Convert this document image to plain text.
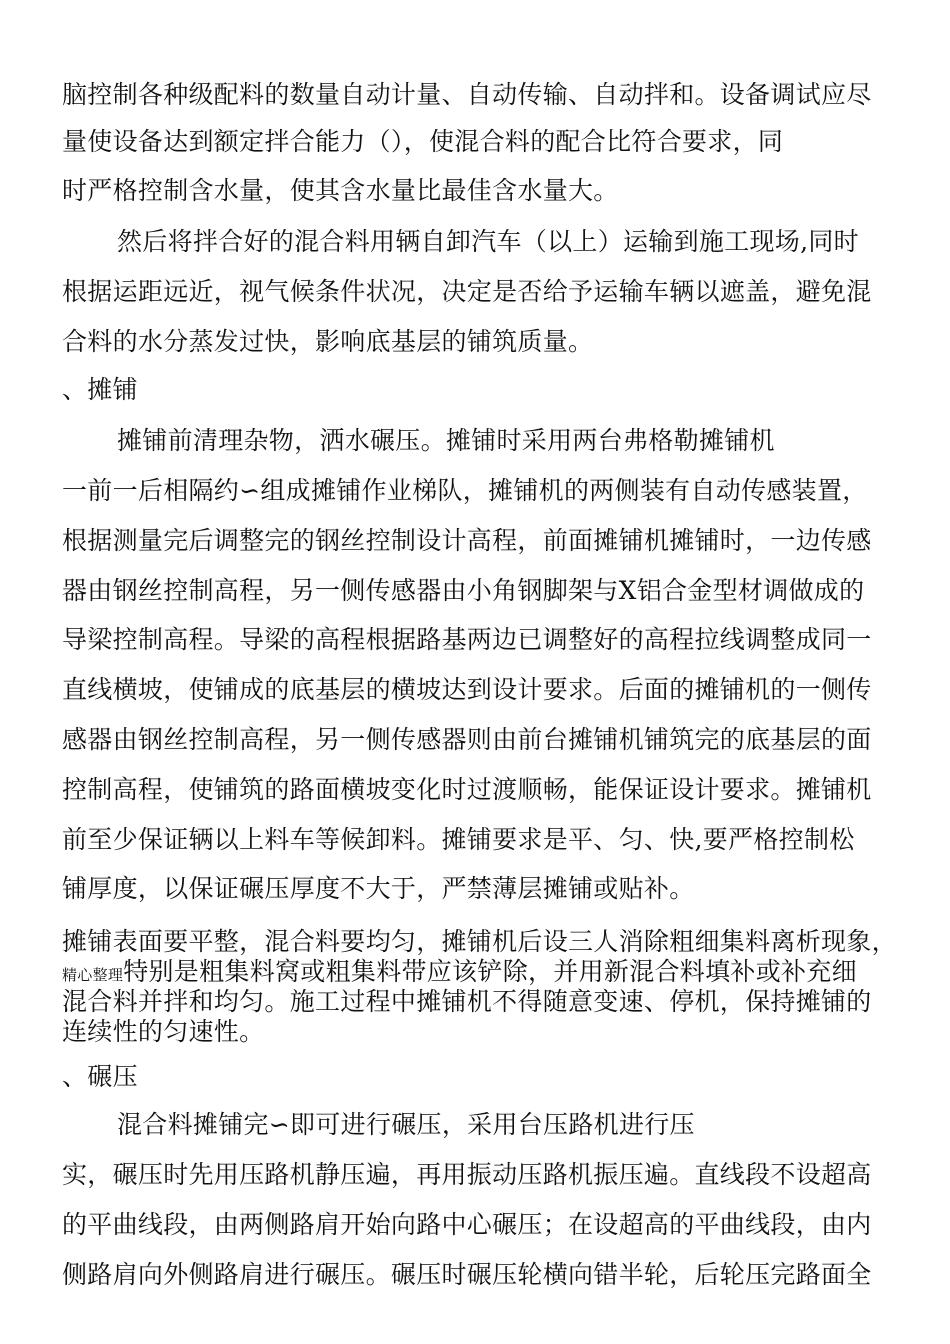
脑控制各种级配料的数量自动计量、自动传输、自动拌和。设备调试应尽
量使设备达到额定拌合能力（），使混合料的配合比符合要求，同
时严格控制含水量，使其含水量比最佳含水量大。
然后将拌合好的混合料用辆自卸汽车（以上）运输到施工现场,同时
根据运距远近，视气候条件状况，决定是否给予运输车辆以遮盖，避免混
合料的水分蒸发过快，影响底基层的铺筑质量。
、摊铺
摊铺前清理杂物，洒水碾压。摊铺时采用两台弗格勒摊铺机
一前一后相隔约∽组成摊铺作业梯队，摊铺机的两侧装有自动传感装置，
根据测量完后调整完的钢丝控制设计高程，前面摊铺机摊铺时，一边传感
器由钢丝控制高程，另一侧传感器由小角钢脚架与X铝合金型材调做成的
导梁控制高程。导梁的高程根据路基两边已调整好的高程拉线调整成同一
直线横坡，使铺成的底基层的横坡达到设计要求。后面的摊铺机的一侧传
感器由钢丝控制高程，另一侧传感器则由前台摊铺机铺筑完的底基层的面
控制高程，使铺筑的路面横坡变化时过渡顺畅，能保证设计要求。摊铺机
前至少保证辆以上料车等候卸料。摊铺要求是平、匀、快,要严格控制松
铺厚度，以保证碾压厚度不大于，严禁薄层摊铺或贴补。
摊铺表面要平整，混合料要均匀，摊铺机后设三人消除粗细集料离析现象，
精心整理特别是粗集料窝或粗集料带应该铲除，并用新混合料填补或补充细
混合料并拌和均匀。施工过程中摊铺机不得随意变速、停机，保持摊铺的
连续性的匀速性。
、碾压
混合料摊铺完∽即可进行碾压，采用台压路机进行压
实，碾压时先用压路机静压遍，再用振动压路机振压遍。直线段不设超高
的平曲线段，由两侧路肩开始向路中心碾压；在设超高的平曲线段，由内
侧路肩向外侧路肩进行碾压。碾压时碾压轮横向错半轮，后轮压完路面全
